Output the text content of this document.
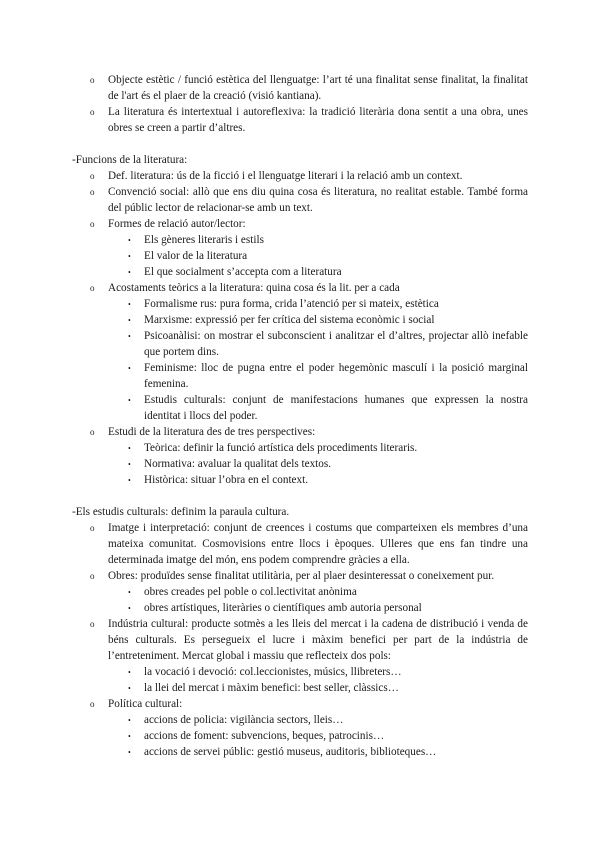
o Objecte estètic / funció estètica del llenguatge: l’art té una finalitat sense finalitat, la finalitat de l'art és el plaer de la creació (visió kantiana).
o La literatura és intertextual i autoreflexiva: la tradició literària dona sentit a una obra, unes obres se creen a partir d’altres.
-Funcions de la literatura:
o Def. literatura: ús de la ficció i el llenguatge literari i la relació amb un context.
o Convenció social: allò que ens diu quina cosa és literatura, no realitat estable. També forma del públic lector de relacionar-se amb un text.
o Formes de relació autor/lector:
• Els gèneres literaris i estils
• El valor de la literatura
• El que socialment s’accepta com a literatura
o Acostaments teòrics a la literatura: quina cosa és la lit. per a cada
• Formalisme rus: pura forma, crida l’atenció per si mateix, estètica
• Marxisme: expressió per fer crítica del sistema econòmic i social
• Psicoanàlisi: on mostrar el subconscient i analitzar el d’altres, projectar allò inefable que portem dins.
• Feminisme: lloc de pugna entre el poder hegemònic masculí i la posició marginal femenina.
• Estudis culturals: conjunt de manifestacions humanes que expressen la nostra identitat i llocs del poder.
o Estudi de la literatura des de tres perspectives:
• Teòrica: definir la funció artística dels procediments literaris.
• Normativa: avaluar la qualitat dels textos.
• Històrica: situar l’obra en el context.
-Els estudis culturals: definim la paraula cultura.
o Imatge i interpretació: conjunt de creences i costums que comparteixen els membres d’una mateixa comunitat. Cosmovisions entre llocs i èpoques. Ulleres que ens fan tindre una determinada imatge del món, ens podem comprendre gràcies a ella.
o Obres: produïdes sense finalitat utilitària, per al plaer desinteressat o coneixement pur.
• obres creades pel poble o col.lectivitat anònima
• obres artístiques, literàries o científiques amb autoria personal
o Indústria cultural: producte sotmès a les lleis del mercat i la cadena de distribució i venda de béns culturals. Es persegueix el lucre i màxim benefici per part de la indústria de l’entreteniment. Mercat global i massiu que reflecteix dos pols:
• la vocació i devoció: col.leccionistes, músics, llibreters…
• la llei del mercat i màxim benefici: best seller, clàssics…
o Política cultural:
• accions de policia: vigilància sectors, lleis…
• accions de foment: subvencions, beques, patrocinis…
• accions de servei públic: gestió museus, auditoris, biblioteques…
